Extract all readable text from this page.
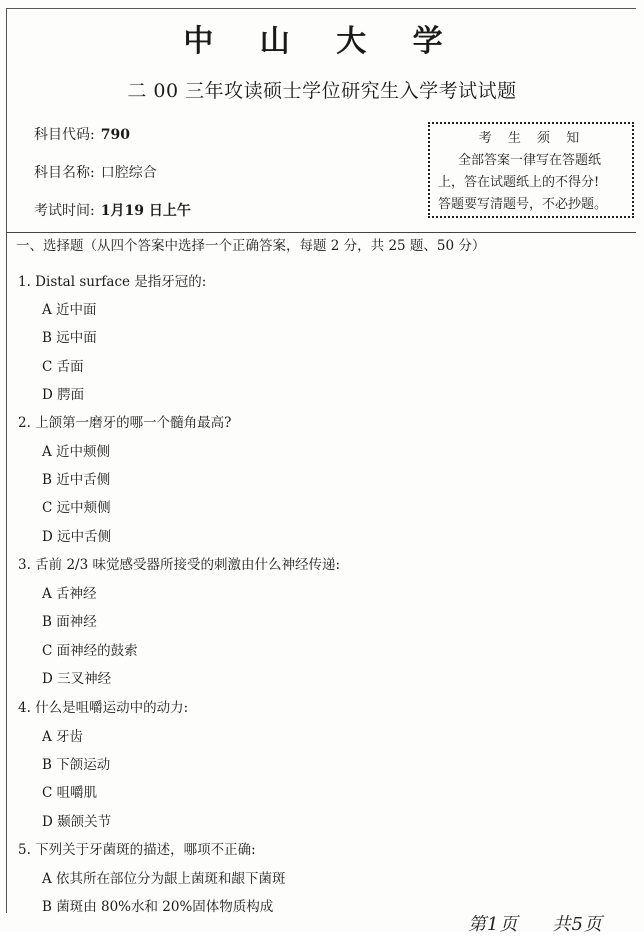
中 山 大 学
二 00 三年攻读硕士学位研究生入学考试试题
科目代码: 790
科目名称: 口腔综合
考试时间: 1月19 日上午
考 生 须 知
全部答案一律写在答题纸
上，答在试题纸上的不得分!
答题要写清题号，不必抄题。
一、选择题（从四个答案中选择一个正确答案，每题 2 分，共 25 题、50 分）
1. Distal surface 是指牙冠的:
A 近中面
B 远中面
C 舌面
D 腭面
2. 上颌第一磨牙的哪一个髓角最高?
A 近中颊侧
B 近中舌侧
C 远中颊侧
D 远中舌侧
3. 舌前 2/3 味觉感受器所接受的刺激由什么神经传递:
A 舌神经
B 面神经
C 面神经的鼓索
D 三叉神经
4. 什么是咀嚼运动中的动力:
A 牙齿
B 下颌运动
C 咀嚼肌
D 颞颌关节
5. 下列关于牙菌斑的描述，哪项不正确:
A 依其所在部位分为龈上菌斑和龈下菌斑
B 菌斑由 80%水和 20%固体物质构成
第1页 共5页
